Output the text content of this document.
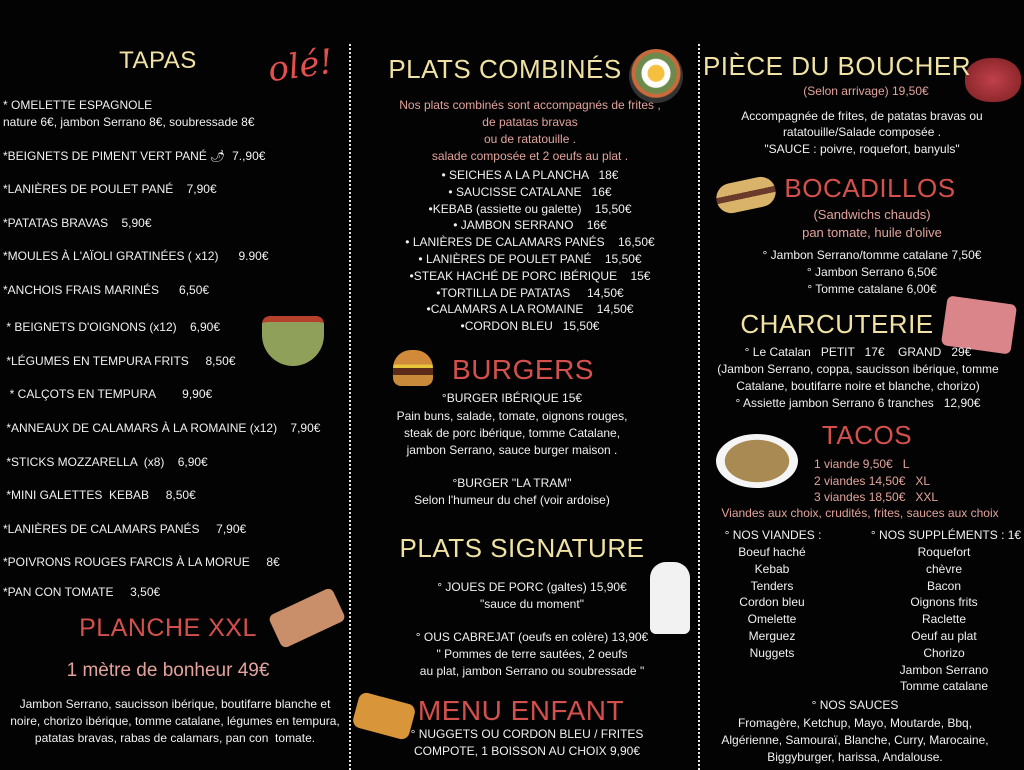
olé!
TAPAS
* OMELETTE ESPAGNOLE
nature 6€, jambon Serrano 8€, soubressade 8€
*BEIGNETS DE PIMENT VERT PANÉ 🌶  7.,90€
*LANIÈRES DE POULET PANÉ    7,90€
*PATATAS BRAVAS    5,90€
*MOULES À L'AÏOLI GRATINÉES ( x12)      9.90€
*ANCHOIS FRAIS MARINÉS      6,50€
* BEIGNETS D'OIGNONS (x12)    6,90€
*LÉGUMES EN TEMPURA FRITS     8,50€
* CALÇOTS EN TEMPURA        9,90€
*ANNEAUX DE CALAMARS À LA ROMAINE (x12)    7,90€
*STICKS MOZZARELLA  (x8)    6,90€
*MINI GALETTES  KEBAB     8,50€
*LANIÈRES DE CALAMARS PANÉS     7,90€
*POIVRONS ROUGES FARCIS À LA MORUE     8€
*PAN CON TOMATE     3,50€
PLANCHE XXL
1 mètre de bonheur 49€
Jambon Serrano, saucisson ibérique, boutifarre blanche et
noire, chorizo ibérique, tomme catalane, légumes en tempura,
patatas bravas, rabas de calamars, pan con  tomate.
PLATS COMBINÉS
Nos plats combinés sont accompagnés de frites ,
de patatas bravas
ou de ratatouille .
salade composée et 2 oeufs au plat .
• SEICHES A LA PLANCHA   18€
• SAUCISSE CATALANE   16€
•KEBAB (assiette ou galette)    15,50€
• JAMBON SERRANO    16€
• LANIÈRES DE CALAMARS PANÉS    16,50€
• LANIÈRES DE POULET PANÉ    15,50€
•STEAK HACHÉ DE PORC IBÉRIQUE    15€
•TORTILLA DE PATATAS     14,50€
•CALAMARS A LA ROMAINE    14,50€
•CORDON BLEU   15,50€
BURGERS
°BURGER IBÉRIQUE 15€
Pain buns, salade, tomate, oignons rouges,
steak de porc ibérique, tomme Catalane,
jambon Serrano, sauce burger maison .
°BURGER "LA TRAM"
Selon l'humeur du chef (voir ardoise)
PLATS SIGNATURE
° JOUES DE PORC (galtes) 15,90€
"sauce du moment"
° OUS CABREJAT (oeufs en colère) 13,90€
" Pommes de terre sautées, 2 oeufs
au plat, jambon Serrano ou soubressade "
MENU ENFANT
° NUGGETS OU CORDON BLEU / FRITES
COMPOTE, 1 BOISSON AU CHOIX 9,90€
PIÈCE DU BOUCHER
(Selon arrivage) 19,50€
Accompagnée de frites, de patatas bravas ou
ratatouille/Salade composée .
"SAUCE : poivre, roquefort, banyuls"
BOCADILLOS
(Sandwichs chauds)
pan tomate, huile d'olive
° Jambon Serrano/tomme catalane 7,50€
° Jambon Serrano 6,50€
° Tomme catalane 6,00€
CHARCUTERIE
° Le Catalan   PETIT   17€    GRAND   29€
(Jambon Serrano, coppa, saucisson ibérique, tomme
Catalane, boutifarre noire et blanche, chorizo)
° Assiette jambon Serrano 6 tranches   12,90€
TACOS
1 viande 9,50€   L
2 viandes 14,50€   XL
3 viandes 18,50€   XXL
Viandes aux choix, crudités, frites, sauces aux choix
° NOS VIANDES :
Boeuf haché
Kebab
Tenders
Cordon bleu
Omelette
Merguez
Nuggets
° NOS SUPPLÉMENTS : 1€
Roquefort
chèvre
Bacon
Oignons frits
Raclette
Oeuf au plat
Chorizo
Jambon Serrano
Tomme catalane
° NOS SAUCES
Fromagère, Ketchup, Mayo, Moutarde, Bbq,
Algérienne, Samouraï, Blanche, Curry, Marocaine,
Biggyburger, harissa, Andalouse.
